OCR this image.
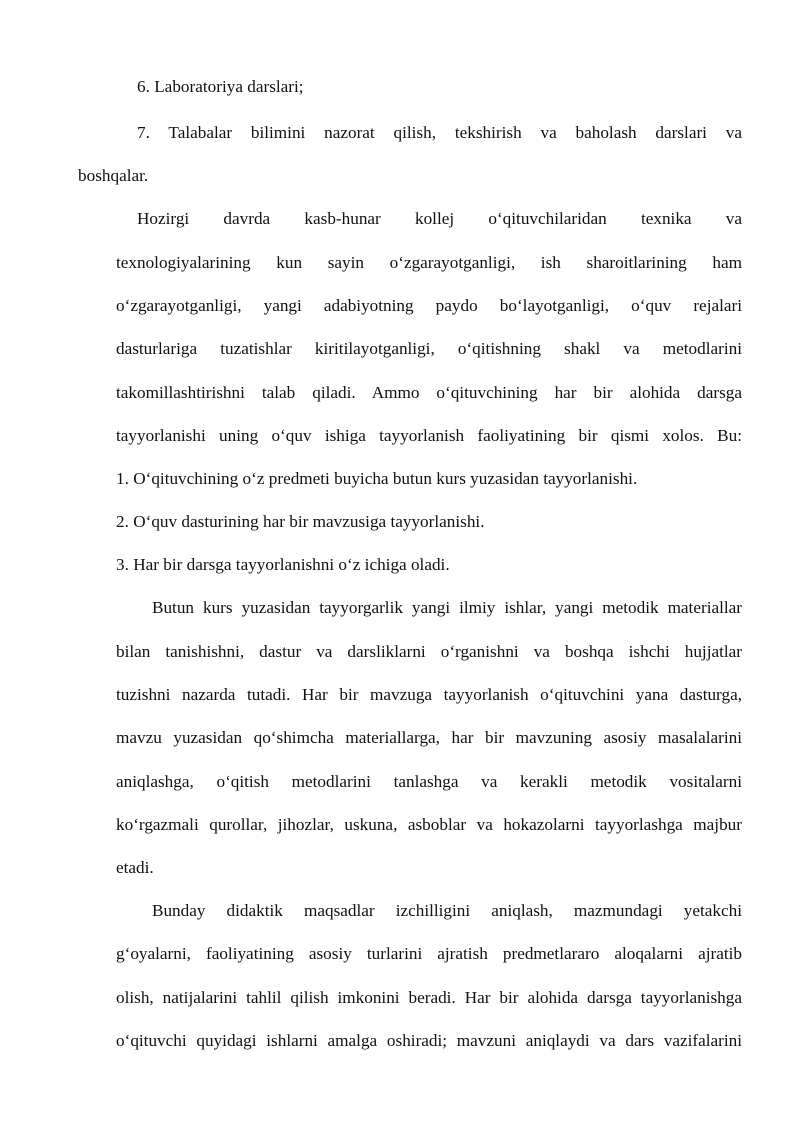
6. Laboratoriya darslari;
7. Talabalar bilimini nazorat qilish, tekshirish va baholash darslari va
boshqalar.
Hozirgi davrda kasb-hunar kollej o‘qituvchilaridan texnika va
texnologiyalarining kun sayin o‘zgarayotganligi, ish sharoitlarining ham
o‘zgarayotganligi, yangi adabiyotning paydo bo‘layotganligi, o‘quv rejalari
dasturlariga tuzatishlar kiritilayotganligi, o‘qitishning shakl va metodlarini
takomillashtirishni talab qiladi. Ammo o‘qituvchining har bir alohida darsga
tayyorlanishi uning o‘quv ishiga tayyorlanish faoliyatining bir qismi xolos. Bu:
1. O‘qituvchining o‘z predmeti buyicha butun kurs yuzasidan tayyorlanishi.
2. O‘quv dasturining har bir mavzusiga tayyorlanishi.
3. Har bir darsga tayyorlanishni o‘z ichiga oladi.
Butun kurs yuzasidan tayyorgarlik yangi ilmiy ishlar, yangi metodik materiallar
bilan tanishishni, dastur va darsliklarni o‘rganishni va boshqa ishchi hujjatlar
tuzishni nazarda tutadi. Har bir mavzuga tayyorlanish o‘qituvchini yana dasturga,
mavzu yuzasidan qo‘shimcha materiallarga, har bir mavzuning asosiy masalalarini
aniqlashga, o‘qitish metodlarini tanlashga va kerakli metodik vositalarni
ko‘rgazmali qurollar, jihozlar, uskuna, asboblar va hokazolarni tayyorlashga majbur
etadi.
Bunday didaktik maqsadlar izchilligini aniqlash, mazmundagi yetakchi
g‘oyalarni, faoliyatining asosiy turlarini ajratish predmetlararo aloqalarni ajratib
olish, natijalarini tahlil qilish imkonini beradi. Har bir alohida darsga tayyorlanishga
o‘qituvchi quyidagi ishlarni amalga oshiradi; mavzuni aniqlaydi va dars vazifalarini
